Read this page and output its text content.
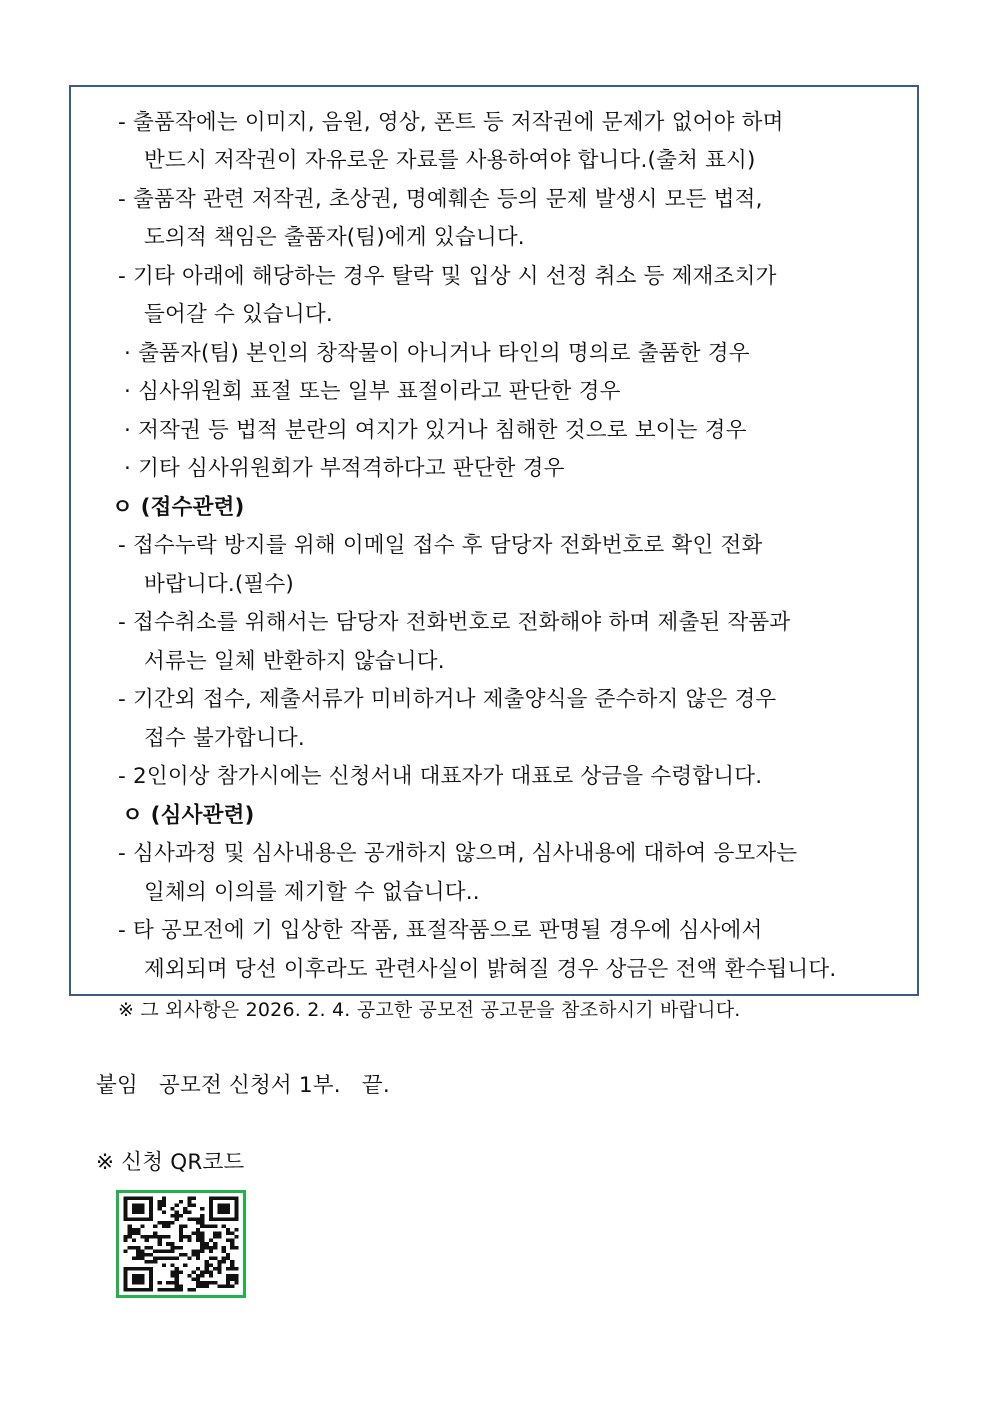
- 출품작에는 이미지, 음원, 영상, 폰트 등 저작권에 문제가 없어야 하며
반드시 저작권이 자유로운 자료를 사용하여야 합니다.(출처 표시)
- 출품작 관련 저작권, 초상권, 명예훼손 등의 문제 발생시 모든 법적,
도의적 책임은 출품자(팀)에게 있습니다.
- 기타 아래에 해당하는 경우 탈락 및 입상 시 선정 취소 등 제재조치가
들어갈 수 있습니다.
· 출품자(팀) 본인의 창작물이 아니거나 타인의 명의로 출품한 경우
· 심사위원회 표절 또는 일부 표절이라고 판단한 경우
· 저작권 등 법적 분란의 여지가 있거나 침해한 것으로 보이는 경우
· 기타 심사위원회가 부적격하다고 판단한 경우
ㅇ (접수관련)
- 접수누락 방지를 위해 이메일 접수 후 담당자 전화번호로 확인 전화
바랍니다.(필수)
- 접수취소를 위해서는 담당자 전화번호로 전화해야 하며 제출된 작품과
서류는 일체 반환하지 않습니다.
- 기간외 접수, 제출서류가 미비하거나 제출양식을 준수하지 않은 경우
접수 불가합니다.
- 2인이상 참가시에는 신청서내 대표자가 대표로 상금을 수령합니다.
ㅇ (심사관련)
- 심사과정 및 심사내용은 공개하지 않으며, 심사내용에 대하여 응모자는
일체의 이의를 제기할 수 없습니다..
- 타 공모전에 기 입상한 작품, 표절작품으로 판명될 경우에 심사에서
제외되며 당선 이후라도 관련사실이 밝혀질 경우 상금은 전액 환수됩니다.
※ 그 외사항은 2026. 2. 4. 공고한 공모전 공고문을 참조하시기 바랍니다.
붙임   공모전 신청서 1부.   끝.
※ 신청 QR코드
